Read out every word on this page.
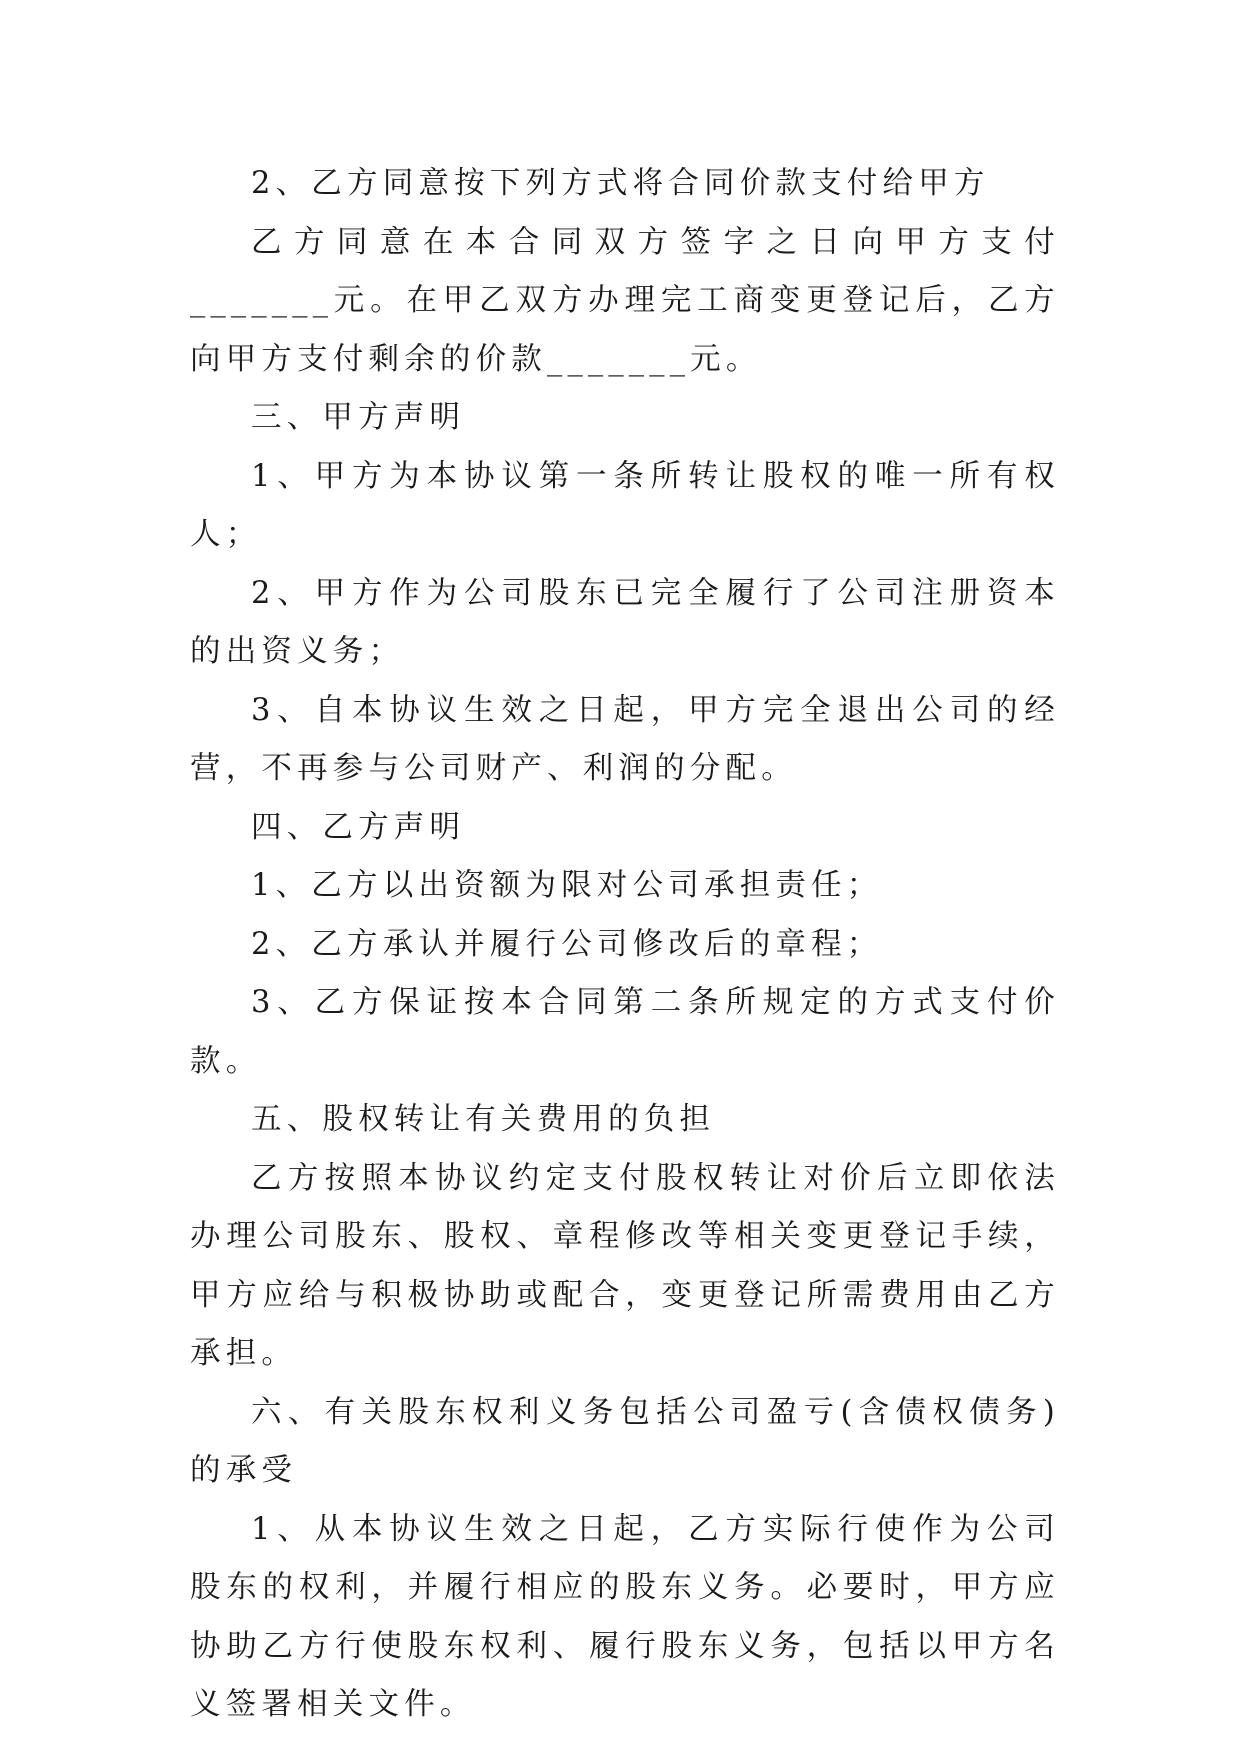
2、乙方同意按下列方式将合同价款支付给甲方

乙方同意在本合同双方签字之日向甲方支付_______元。在甲乙双方办理完工商变更登记后，乙方向甲方支付剩余的价款_______元。

三、甲方声明

1、甲方为本协议第一条所转让股权的唯一所有权人；

2、甲方作为公司股东已完全履行了公司注册资本的出资义务；

3、自本协议生效之日起，甲方完全退出公司的经营，不再参与公司财产、利润的分配。

四、乙方声明

1、乙方以出资额为限对公司承担责任；

2、乙方承认并履行公司修改后的章程；

3、乙方保证按本合同第二条所规定的方式支付价款。

五、股权转让有关费用的负担

乙方按照本协议约定支付股权转让对价后立即依法办理公司股东、股权、章程修改等相关变更登记手续，甲方应给与积极协助或配合，变更登记所需费用由乙方承担。

六、有关股东权利义务包括公司盈亏(含债权债务)的承受

1、从本协议生效之日起，乙方实际行使作为公司股东的权利，并履行相应的股东义务。必要时，甲方应协助乙方行使股东权利、履行股东义务，包括以甲方名义签署相关文件。
